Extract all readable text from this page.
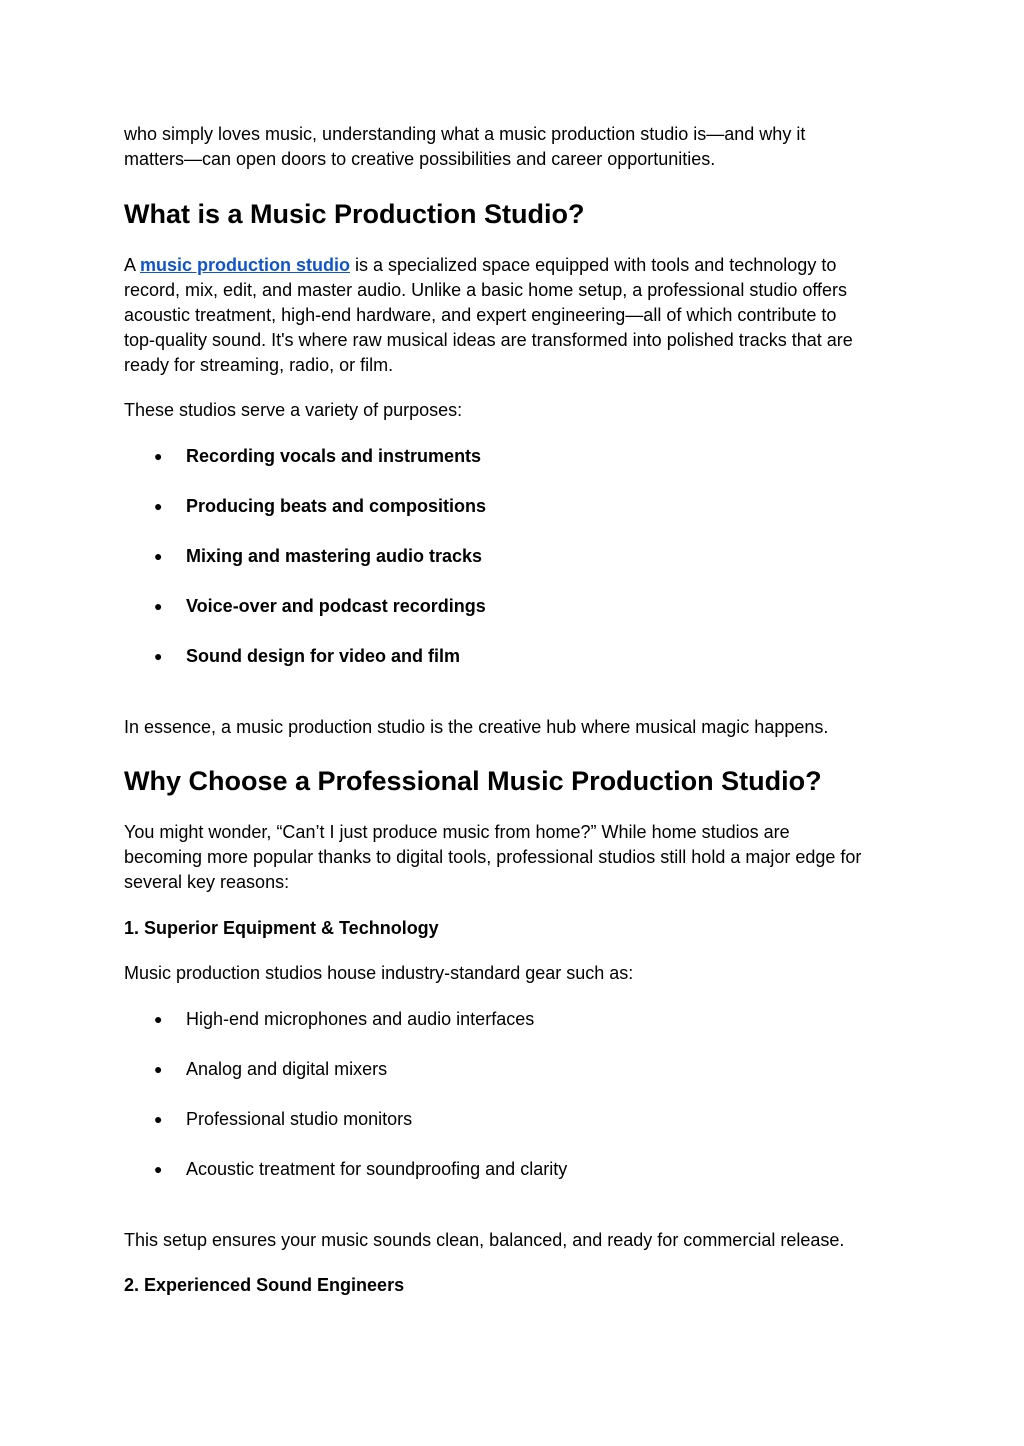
who simply loves music, understanding what a music production studio is—and why it

matters—can open doors to creative possibilities and career opportunities.

What is a Music Production Studio?

A music production studio is a specialized space equipped with tools and technology to

record, mix, edit, and master audio. Unlike a basic home setup, a professional studio offers

acoustic treatment, high-end hardware, and expert engineering—all of which contribute to

top-quality sound. It's where raw musical ideas are transformed into polished tracks that are

ready for streaming, radio, or film.

These studios serve a variety of purposes:

● Recording vocals and instruments
● Producing beats and compositions
● Mixing and mastering audio tracks
● Voice-over and podcast recordings
● Sound design for video and film

In essence, a music production studio is the creative hub where musical magic happens.

Why Choose a Professional Music Production Studio?

You might wonder, “Can’t I just produce music from home?” While home studios are

becoming more popular thanks to digital tools, professional studios still hold a major edge for

several key reasons:

1. Superior Equipment & Technology

Music production studios house industry-standard gear such as:

● High-end microphones and audio interfaces
● Analog and digital mixers
● Professional studio monitors
● Acoustic treatment for soundproofing and clarity

This setup ensures your music sounds clean, balanced, and ready for commercial release.

2. Experienced Sound Engineers
